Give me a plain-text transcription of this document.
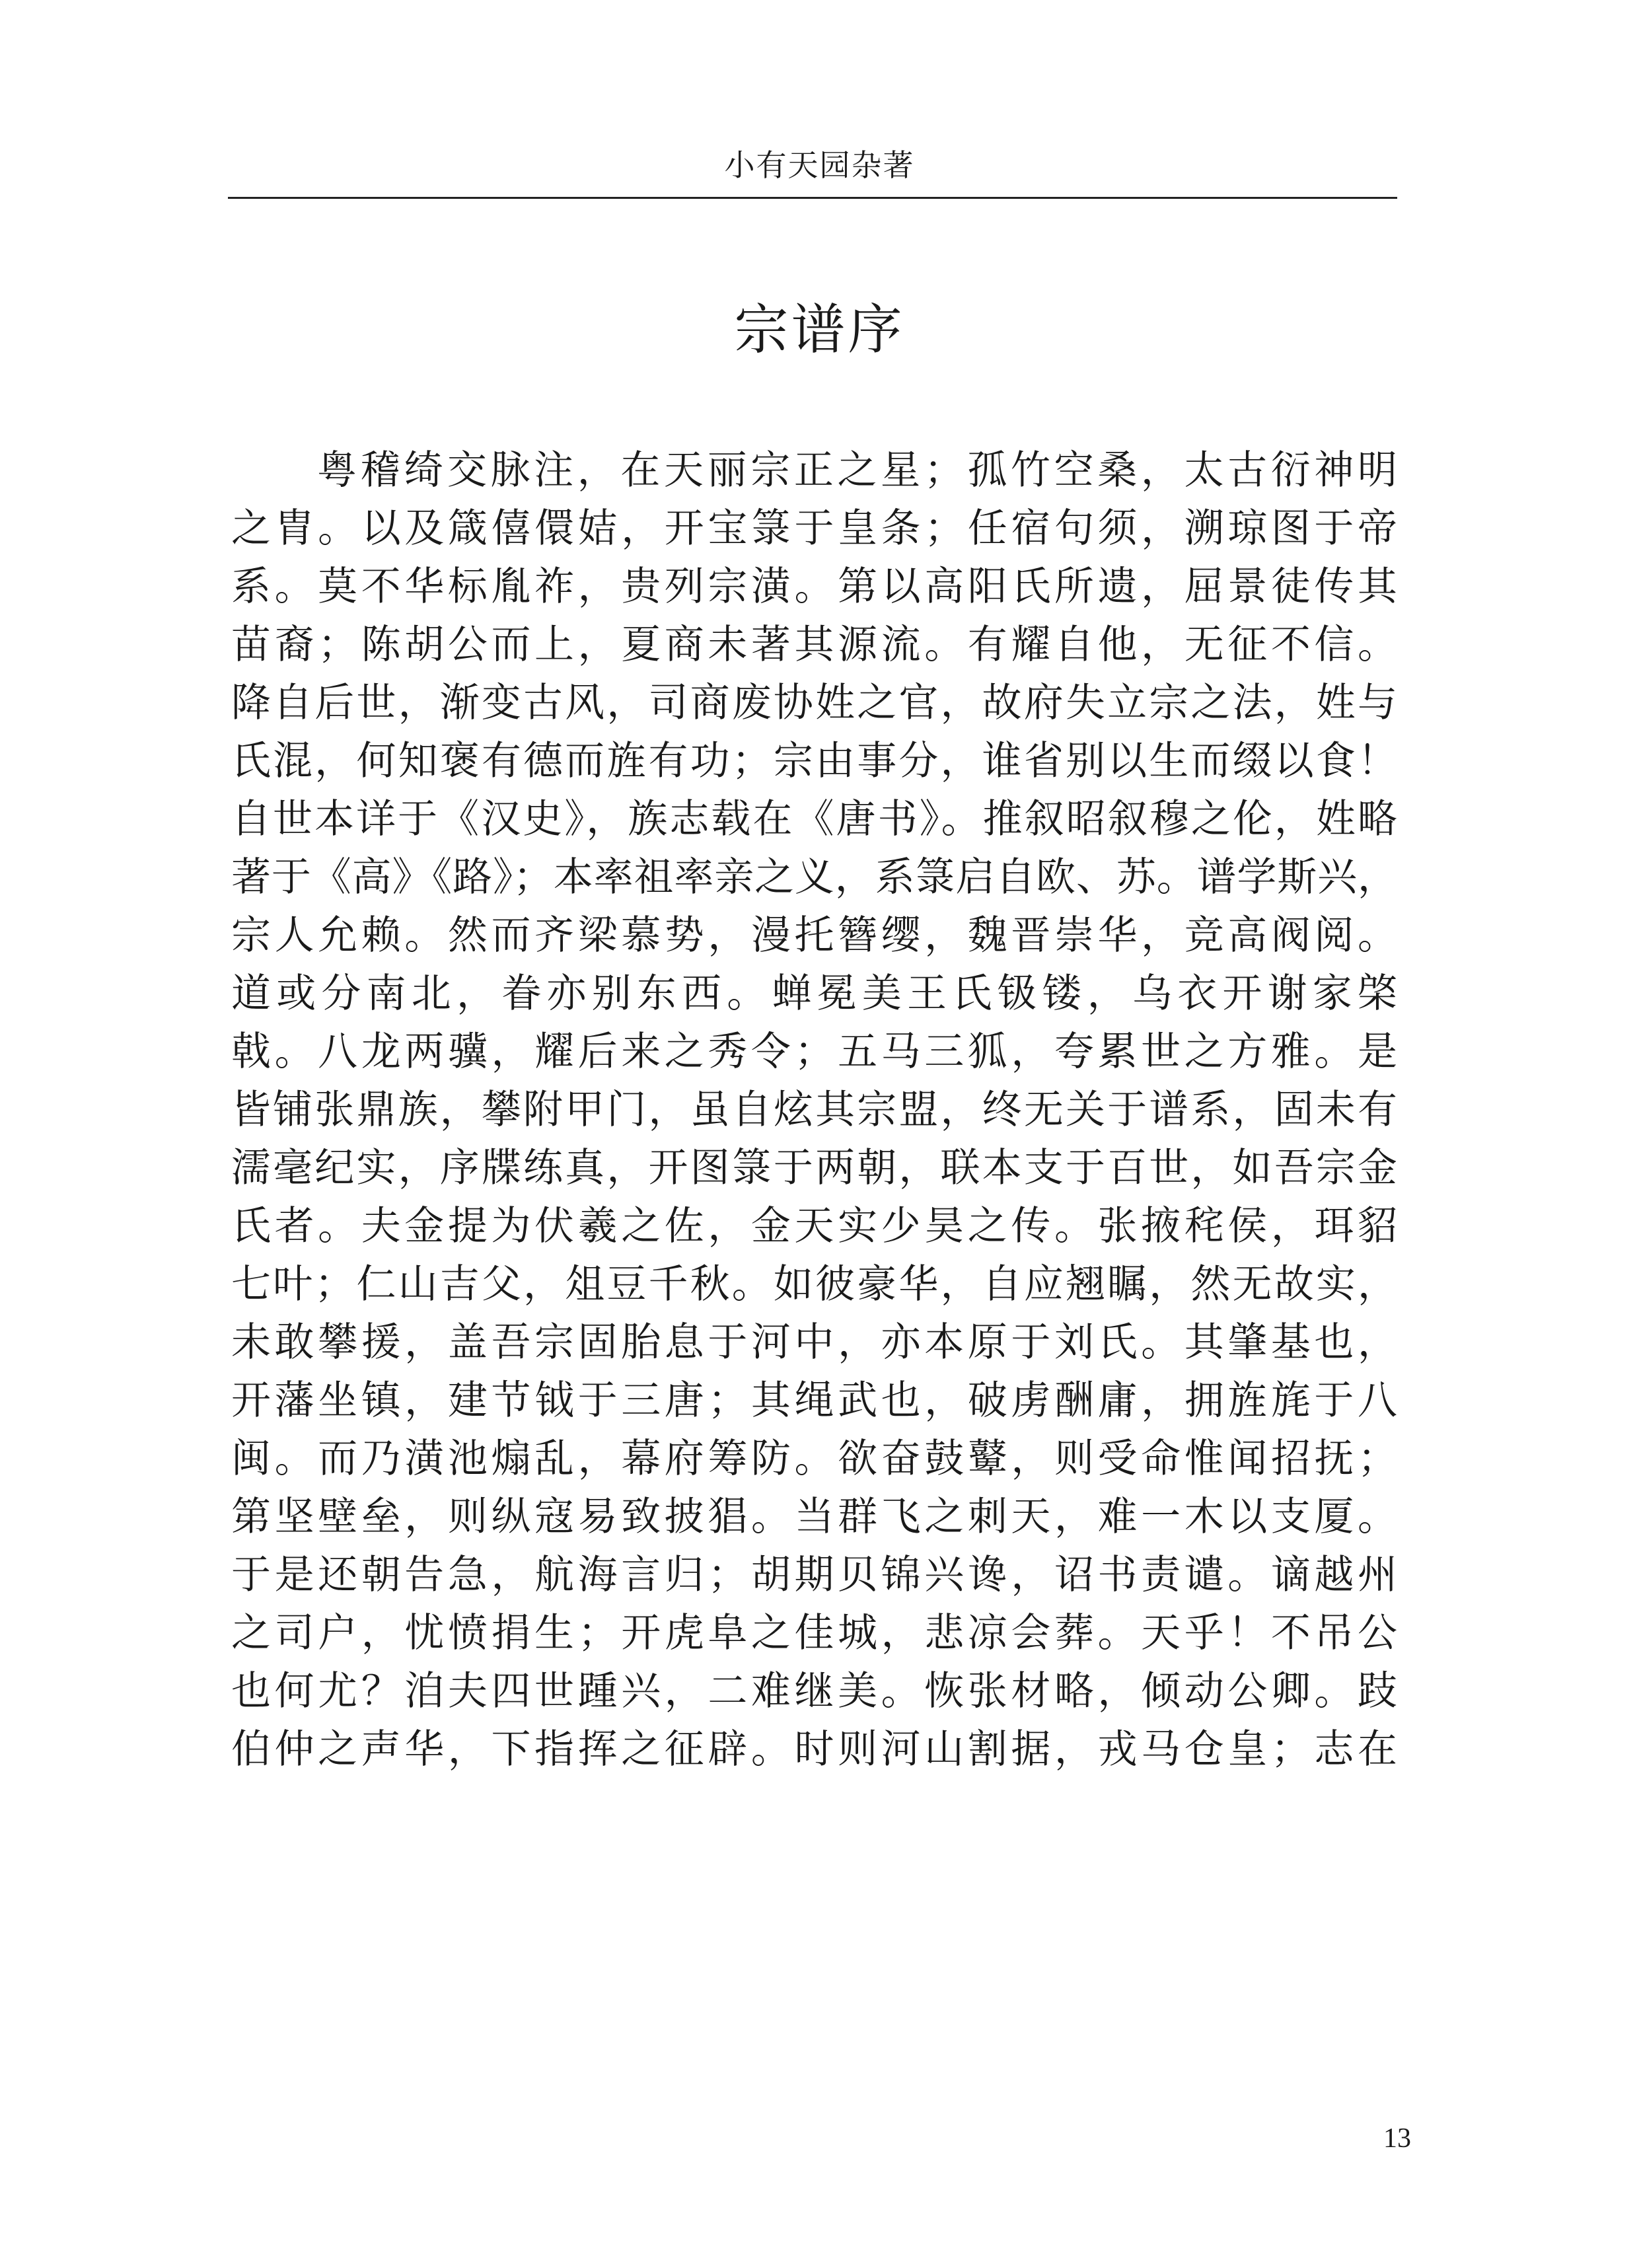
小有天园杂著
宗谱序
粤稽绮交脉注，在天丽宗正之星；孤竹空桑，太古衍神明
之胄。以及箴僖儇姞，开宝箓于皇条；任宿句须，溯琼图于帝
系。莫不华标胤祚，贵列宗潢。第以高阳氏所遗，屈景徒传其
苗裔；陈胡公而上，夏商未著其源流。有耀自他，无征不信。
降自后世，渐变古风，司商废协姓之官，故府失立宗之法，姓与
氏混，何知褒有德而旌有功；宗由事分，谁省别以生而缀以食！
自世本详于《汉史》，族志载在《唐书》。推叙昭叙穆之伦，姓略
著于《高》《路》；本率祖率亲之义，系箓启自欧、苏。谱学斯兴，
宗人允赖。然而齐梁慕势，漫托簪缨，魏晋崇华，竞高阀阅。
道或分南北，眷亦别东西。蝉冕美王氏钑镂，乌衣开谢家棨
戟。八龙两骥，耀后来之秀令；五马三狐，夸累世之方雅。是
皆铺张鼎族，攀附甲门，虽自炫其宗盟，终无关于谱系，固未有
濡毫纪实，序牒练真，开图箓于两朝，联本支于百世，如吾宗金
氏者。夫金提为伏羲之佐，金天实少昊之传。张掖秺侯，珥貂
七叶；仁山吉父，俎豆千秋。如彼豪华，自应翘瞩，然无故实，
未敢攀援，盖吾宗固胎息于河中，亦本原于刘氏。其肇基也，
开藩坐镇，建节钺于三唐；其绳武也，破虏酬庸，拥旌旄于八
闽。而乃潢池煽乱，幕府筹防。欲奋鼓鼙，则受命惟闻招抚；
第坚壁垒，则纵寇易致披猖。当群飞之刺天，难一木以支厦。
于是还朝告急，航海言归；胡期贝锦兴谗，诏书责谴。谪越州
之司户，忧愤捐生；开虎阜之佳城，悲凉会葬。天乎！不吊公
也何尤？洎夫四世踵兴，二难继美。恢张材略，倾动公卿。跂
伯仲之声华，下指挥之征辟。时则河山割据，戎马仓皇；志在
13
